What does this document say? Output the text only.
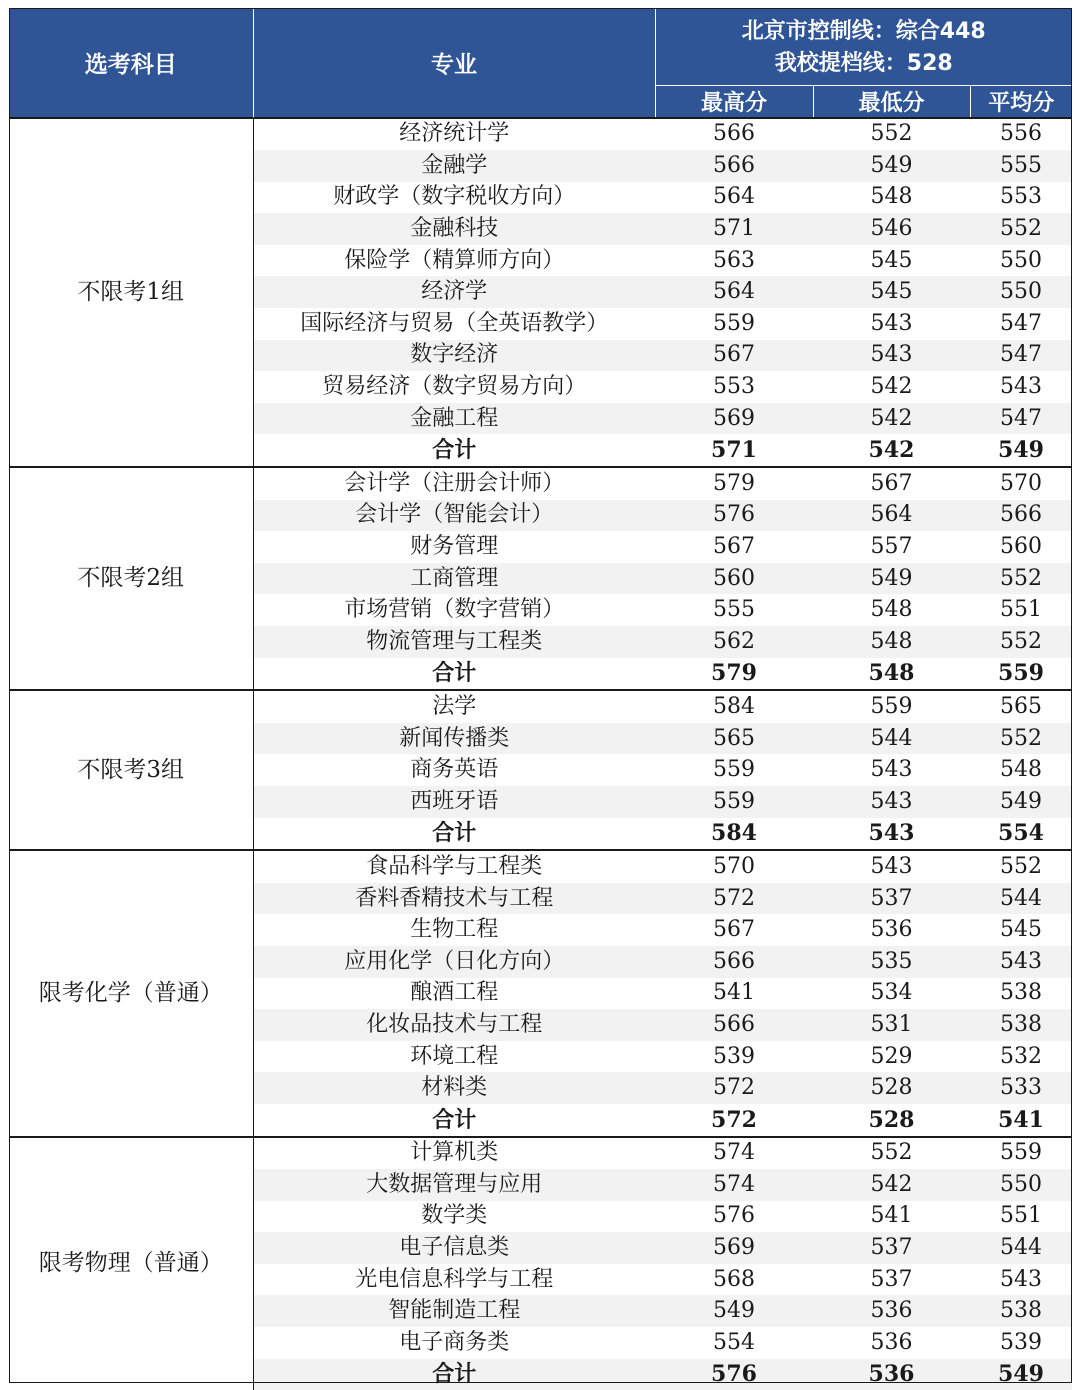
选考科目	专业	北京市控制线：综合448
我校提档线：528		

		最高分	最低分	平均分
不限考1组	经济统计学	566	552	556
	金融学	566	549	555
	财政学（数字税收方向）	564	548	553
	金融科技	571	546	552
	保险学（精算师方向）	563	545	550
	经济学	564	545	550
	国际经济与贸易（全英语教学）	559	543	547
	数字经济	567	543	547
	贸易经济（数字贸易方向）	553	542	543
	金融工程	569	542	547
	合计	571	542	549
不限考2组	会计学（注册会计师）	579	567	570
	会计学（智能会计）	576	564	566
	财务管理	567	557	560
	工商管理	560	549	552
	市场营销（数字营销）	555	548	551
	物流管理与工程类	562	548	552
	合计	579	548	559
不限考3组	法学	584	559	565
	新闻传播类	565	544	552
	商务英语	559	543	548
	西班牙语	559	543	549
	合计	584	543	554
限考化学（普通）	食品科学与工程类	570	543	552
	香料香精技术与工程	572	537	544
	生物工程	567	536	545
	应用化学（日化方向）	566	535	543
	酿酒工程	541	534	538
	化妆品技术与工程	566	531	538
	环境工程	539	529	532
	材料类	572	528	533
	合计	572	528	541
限考物理（普通）	计算机类	574	552	559
	大数据管理与应用	574	542	550
	数学类	576	541	551
	电子信息类	569	537	544
	光电信息科学与工程	568	537	543
	智能制造工程	549	536	538
	电子商务类	554	536	539
	合计	576	536	549
